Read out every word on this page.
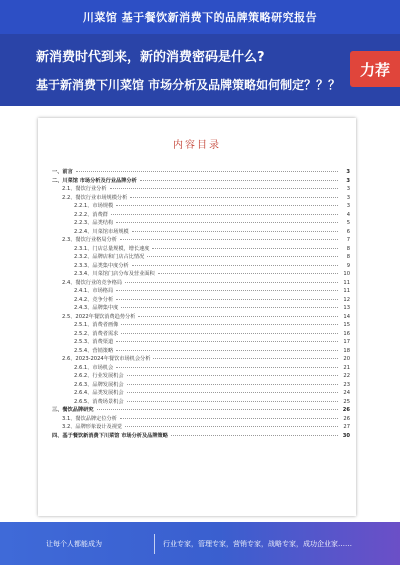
川菜馆 基于餐饮新消费下的品牌策略研究报告
新消费时代到来，新的消费密码是什么?
基于新消费下川菜馆 市场分析及品牌策略如何制定？？？
力荐
内容目录
一、前言	3
二、川菜馆 市场分析及行业品牌分析	3
2.1、餐饮行业分析	3
2.2、餐饮行业市场规模分析	3
2.2.1、市场规模	3
2.2.2、消费群	4
2.2.3、品类结构	5
2.2.4、川菜馆市场规模	6
2.3、餐饮行业格局分析	7
2.3.1、门店总量规模，增长速度	8
2.3.2、品牌店和门店占比情况	8
2.3.3、品类集中度分析	9
2.3.4、川菜馆门店分布及营业面积	10
2.4、餐饮行业的竞争格局	11
2.4.1、市场格局	11
2.4.2、竞争分析	12
2.4.3、品牌集中度	13
2.5、2022年餐饮消费趋势分析	14
2.5.1、消费者画像	15
2.5.2、消费者需求	16
2.5.3、消费渠道	17
2.5.4、营销策略	18
2.6、2023-2024年餐饮市场机会分析	20
2.6.1、市场机会	21
2.6.2、行业发展机会	22
2.6.3、品牌发展机会	23
2.6.4、品类发展机会	24
2.6.5、消费场景机会	25
三、餐饮品牌研究	26
3.1、餐饮品牌定位分析	26
3.2、品牌形象设计及视觉	27
四、基于餐饮新消费下川菜馆 市场分析及品牌策略	30
让每个人都能成为	行业专家，管理专家，营销专家，战略专家，成功企业家……
